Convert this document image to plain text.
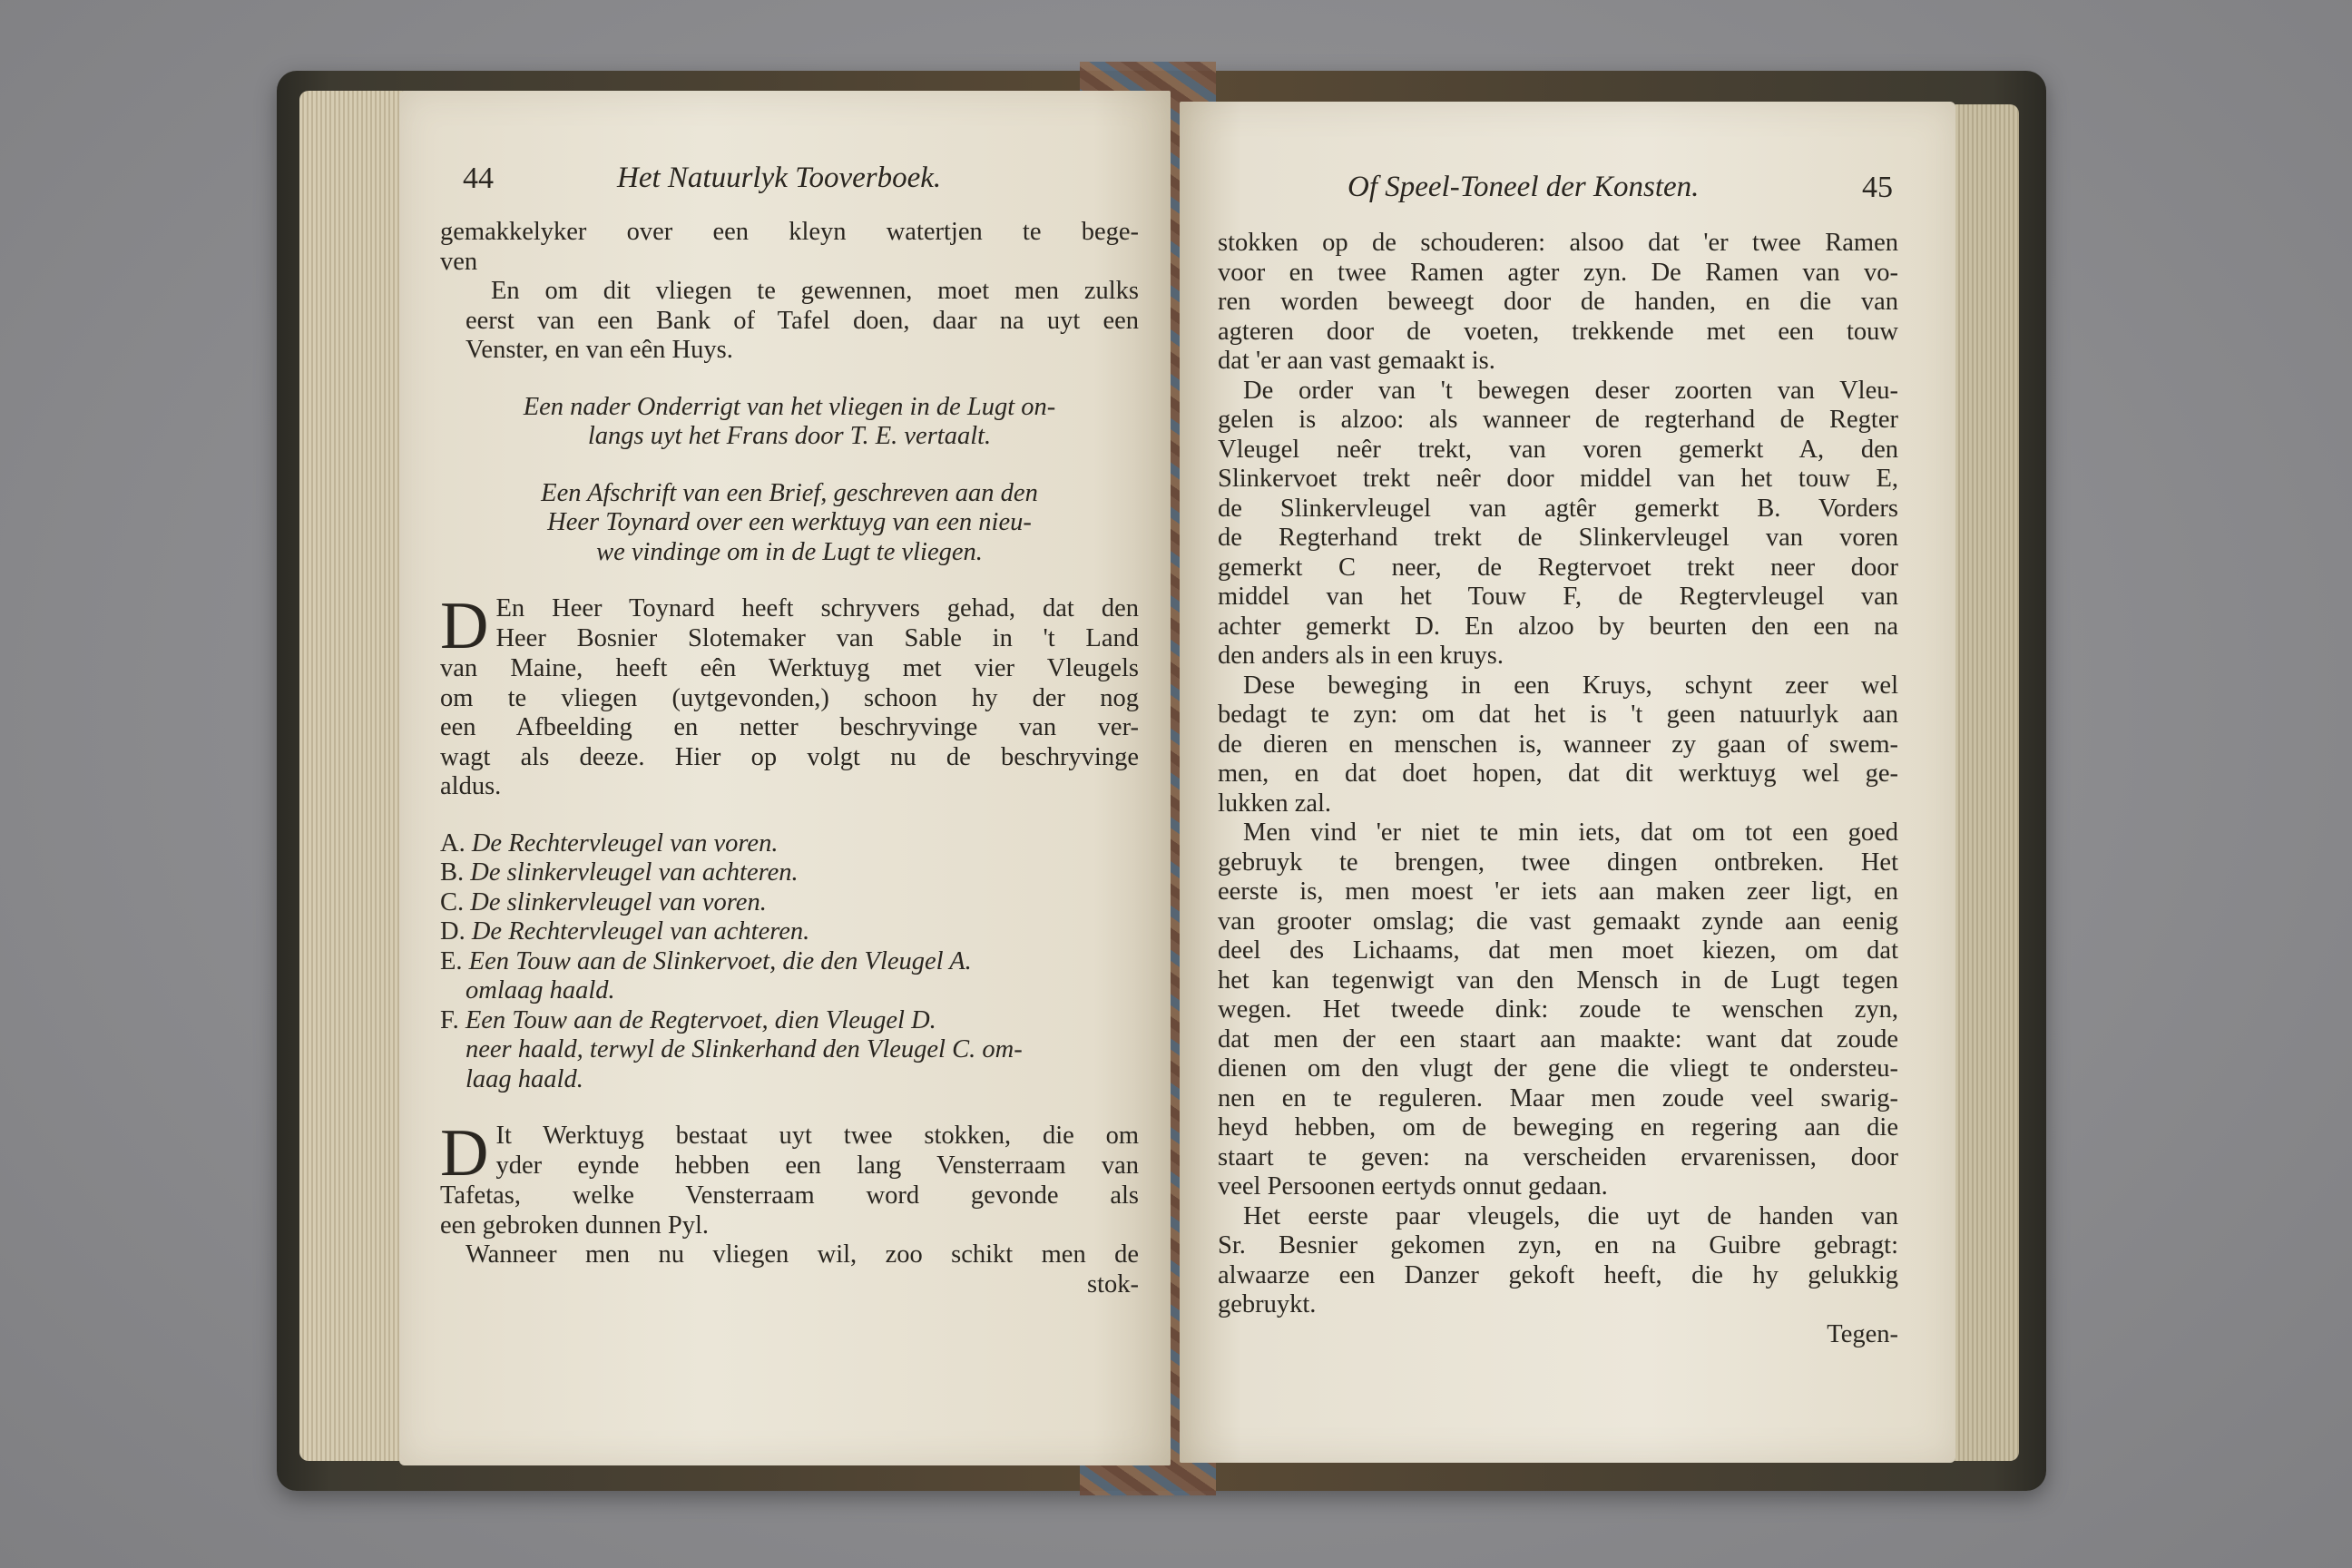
44	Het Natuurlyk Tooverboek.
gemakkelyker over een kleyn watertjen te bege-
ven
En om dit vliegen te gewennen, moet men zulks
eerst van een Bank of Tafel doen, daar na uyt een
Venster, en van eên Huys.
Een nader Onderrigt van het vliegen in de Lugt on-
langs uyt het Frans door T. E. vertaalt.
Een Afschrift van een Brief, geschreven aan den
Heer Toynard over een werktuyg van een nieu-
we vindinge om in de Lugt te vliegen.
D En Heer Toynard heeft schryvers gehad, dat den
Heer Bosnier Slotemaker van Sable in 't Land
van Maine, heeft eên Werktuyg met vier Vleugels
om te vliegen (uytgevonden,) schoon hy der nog
een Afbeelding en netter beschryvinge van ver-
wagt als deeze. Hier op volgt nu de beschryvinge
aldus.
A. De Rechtervleugel van voren.
B. De slinkervleugel van achteren.
C. De slinkervleugel van voren.
D. De Rechtervleugel van achteren.
E. Een Touw aan de Slinkervoet, die den Vleugel A.
omlaag haald.
F. Een Touw aan de Regtervoet, dien Vleugel D.
neer haald, terwyl de Slinkerhand den Vleugel C. om-
laag haald.
D It Werktuyg bestaat uyt twee stokken, die om
yder eynde hebben een lang Vensterraam van
Tafetas, welke Vensterraam word gevonde als
een gebroken dunnen Pyl.
Wanneer men nu vliegen wil, zoo schikt men de
stok-
Of Speel-Toneel der Konsten.	45
stokken op de schouderen: alsoo dat 'er twee Ramen
voor en twee Ramen agter zyn. De Ramen van vo-
ren worden beweegt door de handen, en die van
agteren door de voeten, trekkende met een touw
dat 'er aan vast gemaakt is.
De order van 't bewegen deser zoorten van Vleu-
gelen is alzoo: als wanneer de regterhand de Regter
Vleugel neêr trekt, van voren gemerkt A, den
Slinkervoet trekt neêr door middel van het touw E,
de Slinkervleugel van agtêr gemerkt B. Vorders
de Regterhand trekt de Slinkervleugel van voren
gemerkt C neer, de Regtervoet trekt neer door
middel van het Touw F, de Regtervleugel van
achter gemerkt D. En alzoo by beurten den een na
den anders als in een kruys.
Dese beweging in een Kruys, schynt zeer wel
bedagt te zyn: om dat het is 't geen natuurlyk aan
de dieren en menschen is, wanneer zy gaan of swem-
men, en dat doet hopen, dat dit werktuyg wel ge-
lukken zal.
Men vind 'er niet te min iets, dat om tot een goed
gebruyk te brengen, twee dingen ontbreken. Het
eerste is, men moest 'er iets aan maken zeer ligt, en
van grooter omslag; die vast gemaakt zynde aan eenig
deel des Lichaams, dat men moet kiezen, om dat
het kan tegenwigt van den Mensch in de Lugt tegen
wegen. Het tweede dink: zoude te wenschen zyn,
dat men der een staart aan maakte: want dat zoude
dienen om den vlugt der gene die vliegt te ondersteu-
nen en te reguleren. Maar men zoude veel swarig-
heyd hebben, om de beweging en regering aan die
staart te geven: na verscheiden ervarenissen, door
veel Persoonen eertyds onnut gedaan.
Het eerste paar vleugels, die uyt de handen van
Sr. Besnier gekomen zyn, en na Guibre gebragt:
alwaarze een Danzer gekoft heeft, die hy gelukkig
gebruykt.
Tegen-
